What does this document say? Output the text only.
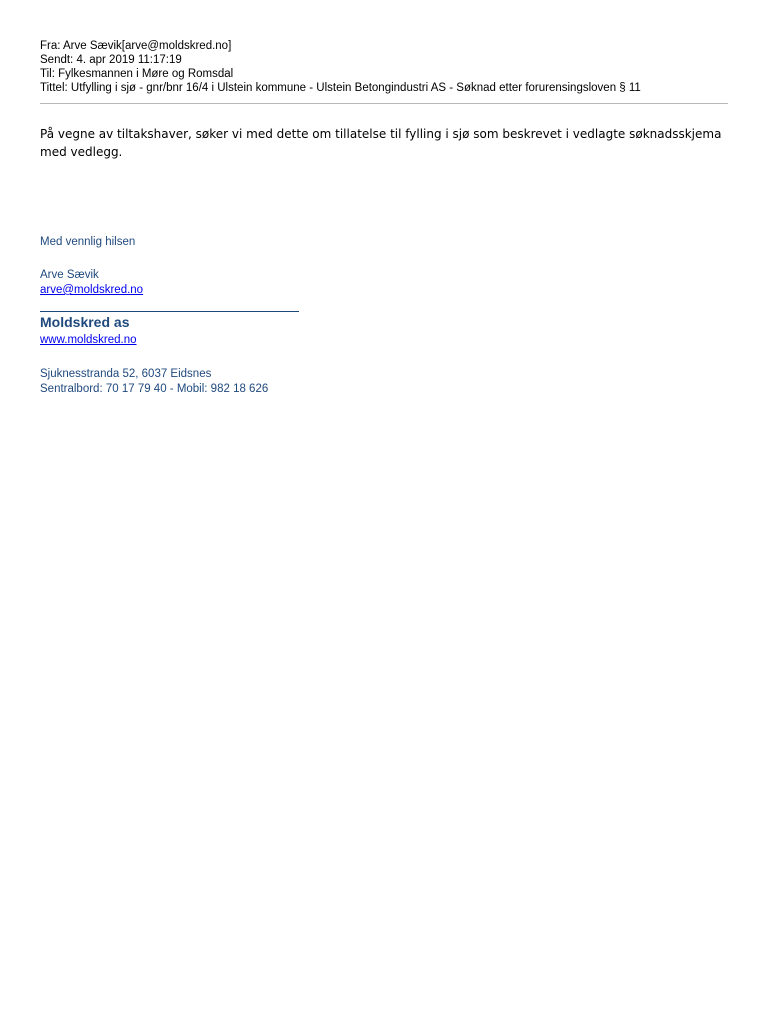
Fra: Arve Sævik[arve@moldskred.no]
Sendt: 4. apr 2019 11:17:19
Til: Fylkesmannen i Møre og Romsdal
Tittel: Utfylling i sjø - gnr/bnr 16/4 i Ulstein kommune - Ulstein Betongindustri AS - Søknad etter forurensingsloven § 11
På vegne av tiltakshaver, søker vi med dette om tillatelse til fylling i sjø som beskrevet i vedlagte søknadsskjema med vedlegg.
Med vennlig hilsen
Arve Sævik
arve@moldskred.no
Moldskred as
www.moldskred.no
Sjuknesstranda 52, 6037 Eidsnes
Sentralbord: 70 17 79 40 - Mobil: 982 18 626
